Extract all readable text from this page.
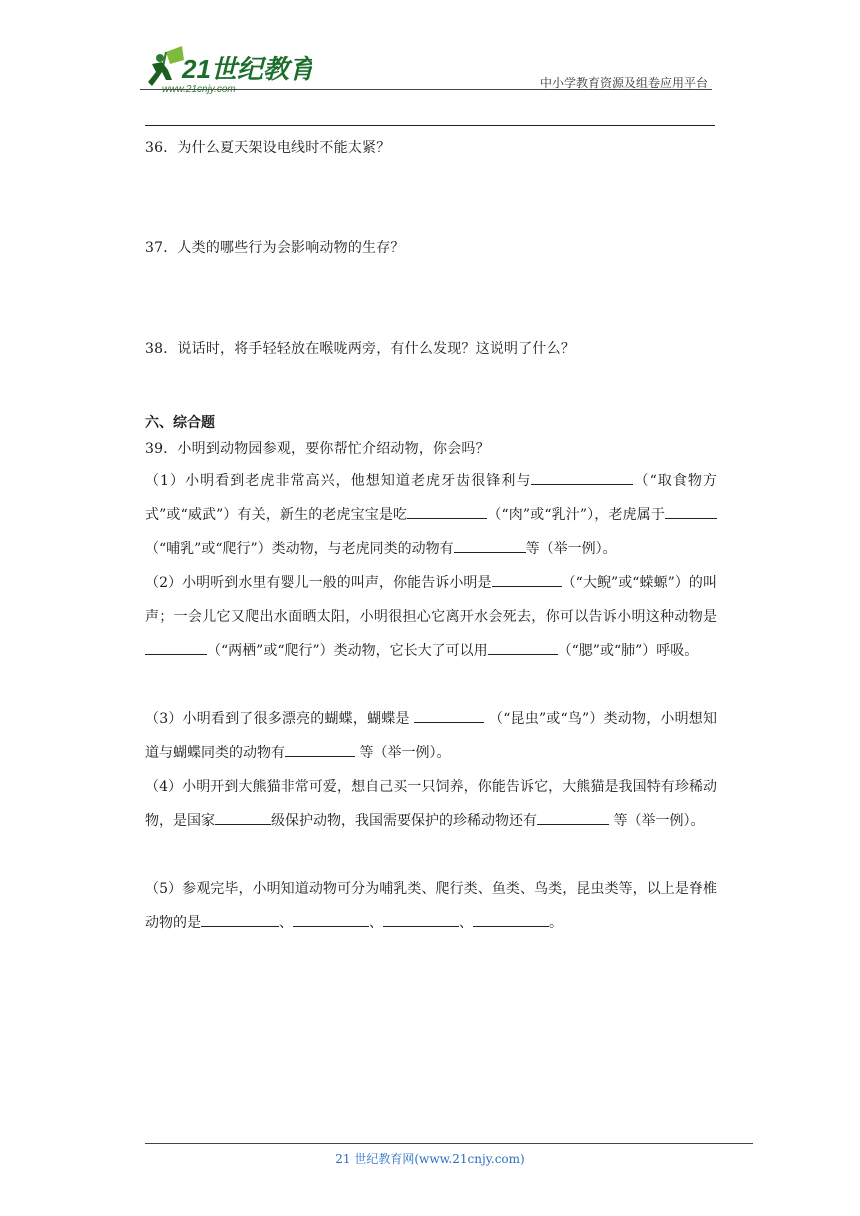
21世纪教育
www.21cnjy.com	中小学教育资源及组卷应用平台
36．为什么夏天架设电线时不能太紧？
37．人类的哪些行为会影响动物的生存？
38．说话时，将手轻轻放在喉咙两旁，有什么发现？这说明了什么？
六、综合题
39．小明到动物园参观，要你帮忙介绍动物，你会吗？
（1）小明看到老虎非常高兴，他想知道老虎牙齿很锋利与	（“取食物方式”或“威武”）有关，新生的老虎宝宝是吃	（“肉”或“乳汁”），老虎属于（“哺乳”或“爬行”）类动物，与老虎同类的动物有	等（举一例）。
（2）小明听到水里有婴儿一般的叫声，你能告诉小明是	（“大鲵”或“蝾螈”）的叫声；一会儿它又爬出水面晒太阳，小明很担心它离开水会死去，你可以告诉小明这种动物是（“两栖”或“爬行”）类动物，它长大了可以用	（“腮”或“肺”）呼吸。
（3）小明看到了很多漂亮的蝴蝶，蝴蝶是	（“昆虫”或“鸟”）类动物，小明想知道与蝴蝶同类的动物有	等（举一例）。
（4）小明开到大熊猫非常可爱，想自己买一只饲养，你能告诉它，大熊猫是我国特有珍稀动物，是国家	级保护动物，我国需要保护的珍稀动物还有	等（举一例）。
（5）参观完毕，小明知道动物可分为哺乳类、爬行类、鱼类、鸟类，昆虫类等，以上是脊椎动物的是	、	、	、	。
21 世纪教育网(www.21cnjy.com)
